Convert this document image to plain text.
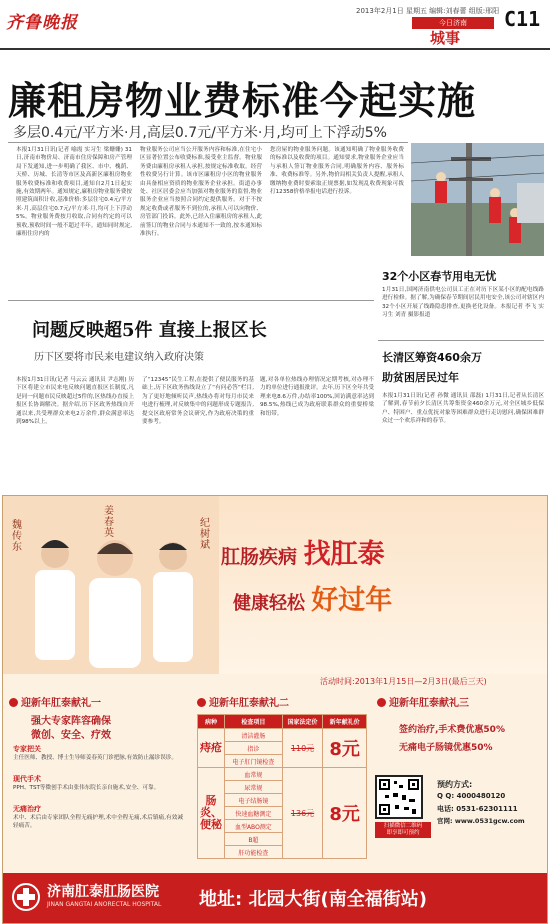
齐鲁晚报
2013年2月1日 星期五 编辑:刘春蕾 组版:邢阳
今日济南
城事
C11
廉租房物业费标准今起实施
多层0.4元/平方米·月,高层0.7元/平方米·月,均可上下浮动5%
本报1月31日讯(记者 喻霞 实习生 梁姗姗) 31日,济南市物价局、济南市住房保障和房产管理局下发通知,进一步明确了我区、市中、槐荫、天桥、历城、长清等市区及高新区廉租房物业服务收费标准和收费项目,通知自2月1日起实施,有效期两年。通知规定,廉租房物业服务费按照建筑面积计收,基准价格:多层住宅0.4元/平方米·月,高层住宅0.7元/平方米·月,均可上下浮动5%。物业服务费按月收取,合同有约定的可以预收,预收时间一般不超过半年。通知同时规定,廉租住房内的
物业服务公司应当公开服务内容和标准,在住宅小区显著位置公布收费标准,接受业主监督。物业服务费由廉租房承租人承担,按规定标准收取。经营性收费另行计算。该市区廉租房小区的物业服务由具备相应资质的物业服务企业承担。街道办事处、社区居委会应当加强对物业服务的监督,物业服务企业应当按照合同约定提供服务。对于不按规定收费或者服务不到位的,承租人可以向物价、房管部门投诉。此外,已经入住廉租房的承租人,此前签订的物业合同与本通知不一致的,按本通知标准执行。
您房屋的物业服务问题。该通知明确了物业服务收费的标准以及收费的项目。通知要求,物业服务企业应当与承租人签订物业服务合同,明确服务内容、服务标准、收费标准等。另外,物价局相关负责人提醒,承租人缴纳物业费时要索取正规票据,如发现乱收费现象可拨打12358价格举报电话进行投诉。
32个小区春节用电无忧
1月31日,国网济南供电公司员工正在对历下区某小区的配电线路进行检修。据了解,为确保春节期间居民用电安全,该公司对辖区内32个小区开展了线路隐患排查,更换老化设备。本报记者 李飞 实习生 刘青 摄影报道
问题反映超5件 直接上报区长
历下区要将市民来电建议纳入政府决策
本报1月31日讯(记者 马云云 通讯员 尹志刚) 历下区将建立市民来电反映问题直报区长制度,凡是同一问题市民反映超过5件的,区热线办直接上报区长协调解决。据介绍,历下区政务热线自开通以来,共受理群众来电2万余件,群众满意率达到98%以上。
了“12345”民生工程,在提供了便民服务的基础上,历下区政务热线设立了“有问必答”栏目,为了更好地倾听民声,热线办将对每月市民来电进行梳理,对反映集中的问题形成专题报告,提交区政府常务会议研究,作为政府决策的重要参考。
题,对各单位热线办理情况定期考核,对办理不力的单位进行通报批评。去年,历下区全年共受理来电8.6万件,办结率100%,回访满意率达到98.5%,热线已成为政府联系群众的重要桥梁和纽带。
长清区筹资460余万
助贫困居民过年
本报1月31日讯(记者 孙微 通讯员 邵磊) 1月31日,记者从长清区了解到,春节前夕长清区共筹集资金460余万元,对全区城乡低保户、特困户、重点优抚对象等困难群众进行走访慰问,确保困难群众过一个欢乐祥和的春节。
魏传东
姜春英
纪树斌
肛肠疾病 找肛泰
健康轻松 好过年
活动时间:2013年1月15日—2月3日(最后三天)
迎新年肛泰献礼一
强大专家阵容确保
微创、安全、疗效
专家把关
主任医师、教授、博士生导师姜春英门诊把脉,有效防止漏诊误诊。
现代手术
PPH、TST等微创手术由张伟东院长亲自施术,安全、可靠。
无痛治疗
术中、术后由专家团队全程无痛护理,术中全程无痛,术后镇痛,有效减轻痛苦。
迎新年肛泰献礼二
病种	检查项目	国家法定价	新年献礼价
痔疮	清洁灌肠	110元	8元
	指诊		
	电子肛门镜检查		
肠炎、便秘	血常规	136元	8元
	尿常规		
	电子结肠镜		
	快速血糖测定		
	血型ABO测定		
	B超		
	肝功能检查		
迎新年肛泰献礼三
签约治疗,手术费优惠50%
无痛电子肠镜优惠50%
扫描微信二维码
即享即可预约
预约方式:
Q Q: 4000480120
电话: 0531-62301111
官网: www.0531gcw.com
济南肛泰肛肠医院
JINAN GANGTAI ANORECTAL HOSPITAL 地址: 北园大街(南全福街站)
